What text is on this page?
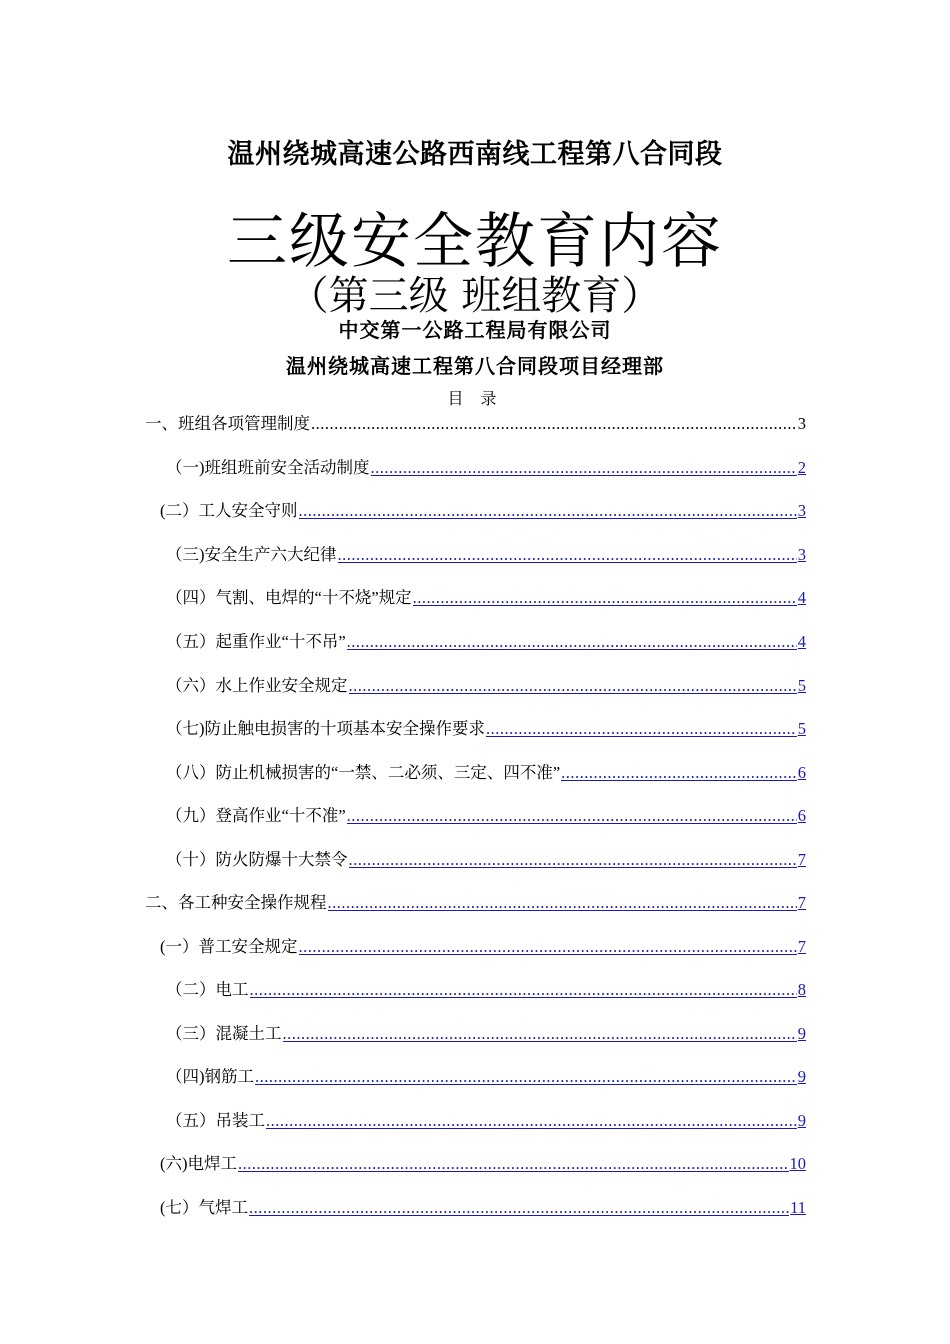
温州绕城高速公路西南线工程第八合同段
三级安全教育内容
（第三级 班组教育）
中交第一公路工程局有限公司
温州绕城高速工程第八合同段项目经理部
目 录
一、班组各项管理制度 .....	3
（一)班组班前安全活动制度 .....	2
(二）工人安全守则 .....	3
（三)安全生产六大纪律 .....	3
（四）气割、电焊的“十不烧”规定 .....	4
（五）起重作业“十不吊” .....	4
（六）水上作业安全规定 .....	5
（七)防止触电损害的十项基本安全操作要求 .....	5
（八）防止机械损害的“一禁、二必须、三定、四不准” .....	6
（九）登高作业“十不准” .....	6
（十）防火防爆十大禁令 .....	7
二、各工种安全操作规程 .....	7
(一）普工安全规定 .....	7
（二）电工 .....	8
（三）混凝土工 .....	9
（四)钢筋工 .....	9
（五）吊装工 .....	9
(六)电焊工 .....	10
(七）气焊工 .....	11
